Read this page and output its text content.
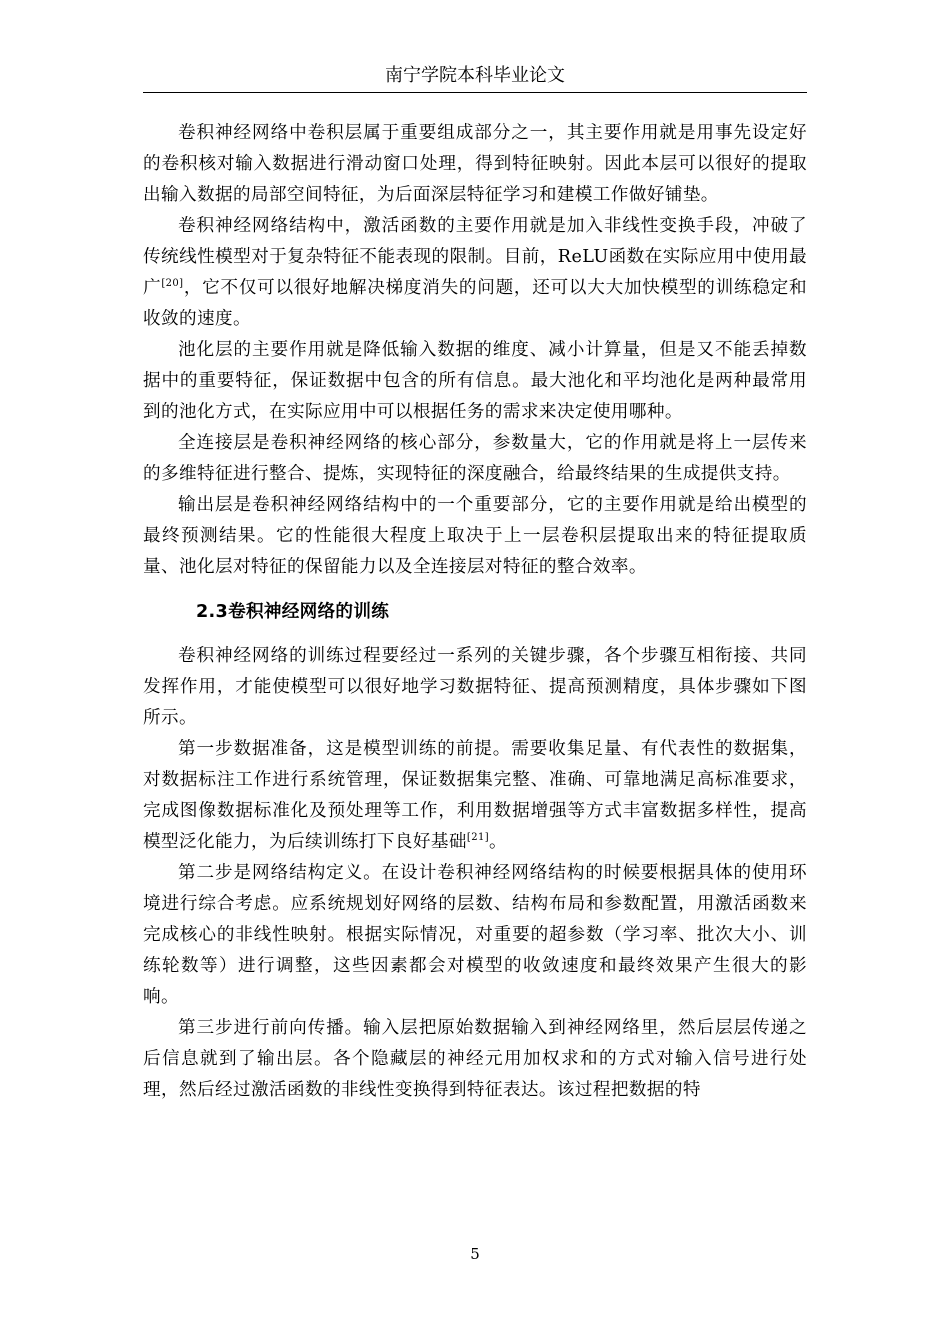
南宁学院本科毕业论文

卷积神经网络中卷积层属于重要组成部分之一，其主要作用就是用事先设定好的卷积核对输入数据进行滑动窗口处理，得到特征映射。因此本层可以很好的提取出输入数据的局部空间特征，为后面深层特征学习和建模工作做好铺垫。

卷积神经网络结构中，激活函数的主要作用就是加入非线性变换手段，冲破了传统线性模型对于复杂特征不能表现的限制。目前，ReLU函数在实际应用中使用最广[20]，它不仅可以很好地解决梯度消失的问题，还可以大大加快模型的训练稳定和收敛的速度。

池化层的主要作用就是降低输入数据的维度、减小计算量，但是又不能丢掉数据中的重要特征，保证数据中包含的所有信息。最大池化和平均池化是两种最常用到的池化方式，在实际应用中可以根据任务的需求来决定使用哪种。

全连接层是卷积神经网络的核心部分，参数量大，它的作用就是将上一层传来的多维特征进行整合、提炼，实现特征的深度融合，给最终结果的生成提供支持。

输出层是卷积神经网络结构中的一个重要部分，它的主要作用就是给出模型的最终预测结果。它的性能很大程度上取决于上一层卷积层提取出来的特征提取质量、池化层对特征的保留能力以及全连接层对特征的整合效率。

2.3卷积神经网络的训练

卷积神经网络的训练过程要经过一系列的关键步骤，各个步骤互相衔接、共同发挥作用，才能使模型可以很好地学习数据特征、提高预测精度，具体步骤如下图所示。

第一步数据准备，这是模型训练的前提。需要收集足量、有代表性的数据集，对数据标注工作进行系统管理，保证数据集完整、准确、可靠地满足高标准要求，完成图像数据标准化及预处理等工作，利用数据增强等方式丰富数据多样性，提高模型泛化能力，为后续训练打下良好基础[21]。

第二步是网络结构定义。在设计卷积神经网络结构的时候要根据具体的使用环境进行综合考虑。应系统规划好网络的层数、结构布局和参数配置，用激活函数来完成核心的非线性映射。根据实际情况，对重要的超参数（学习率、批次大小、训练轮数等）进行调整，这些因素都会对模型的收敛速度和最终效果产生很大的影响。

第三步进行前向传播。输入层把原始数据输入到神经网络里，然后层层传递之后信息就到了输出层。各个隐藏层的神经元用加权求和的方式对输入信号进行处理，然后经过激活函数的非线性变换得到特征表达。该过程把数据的特

5
